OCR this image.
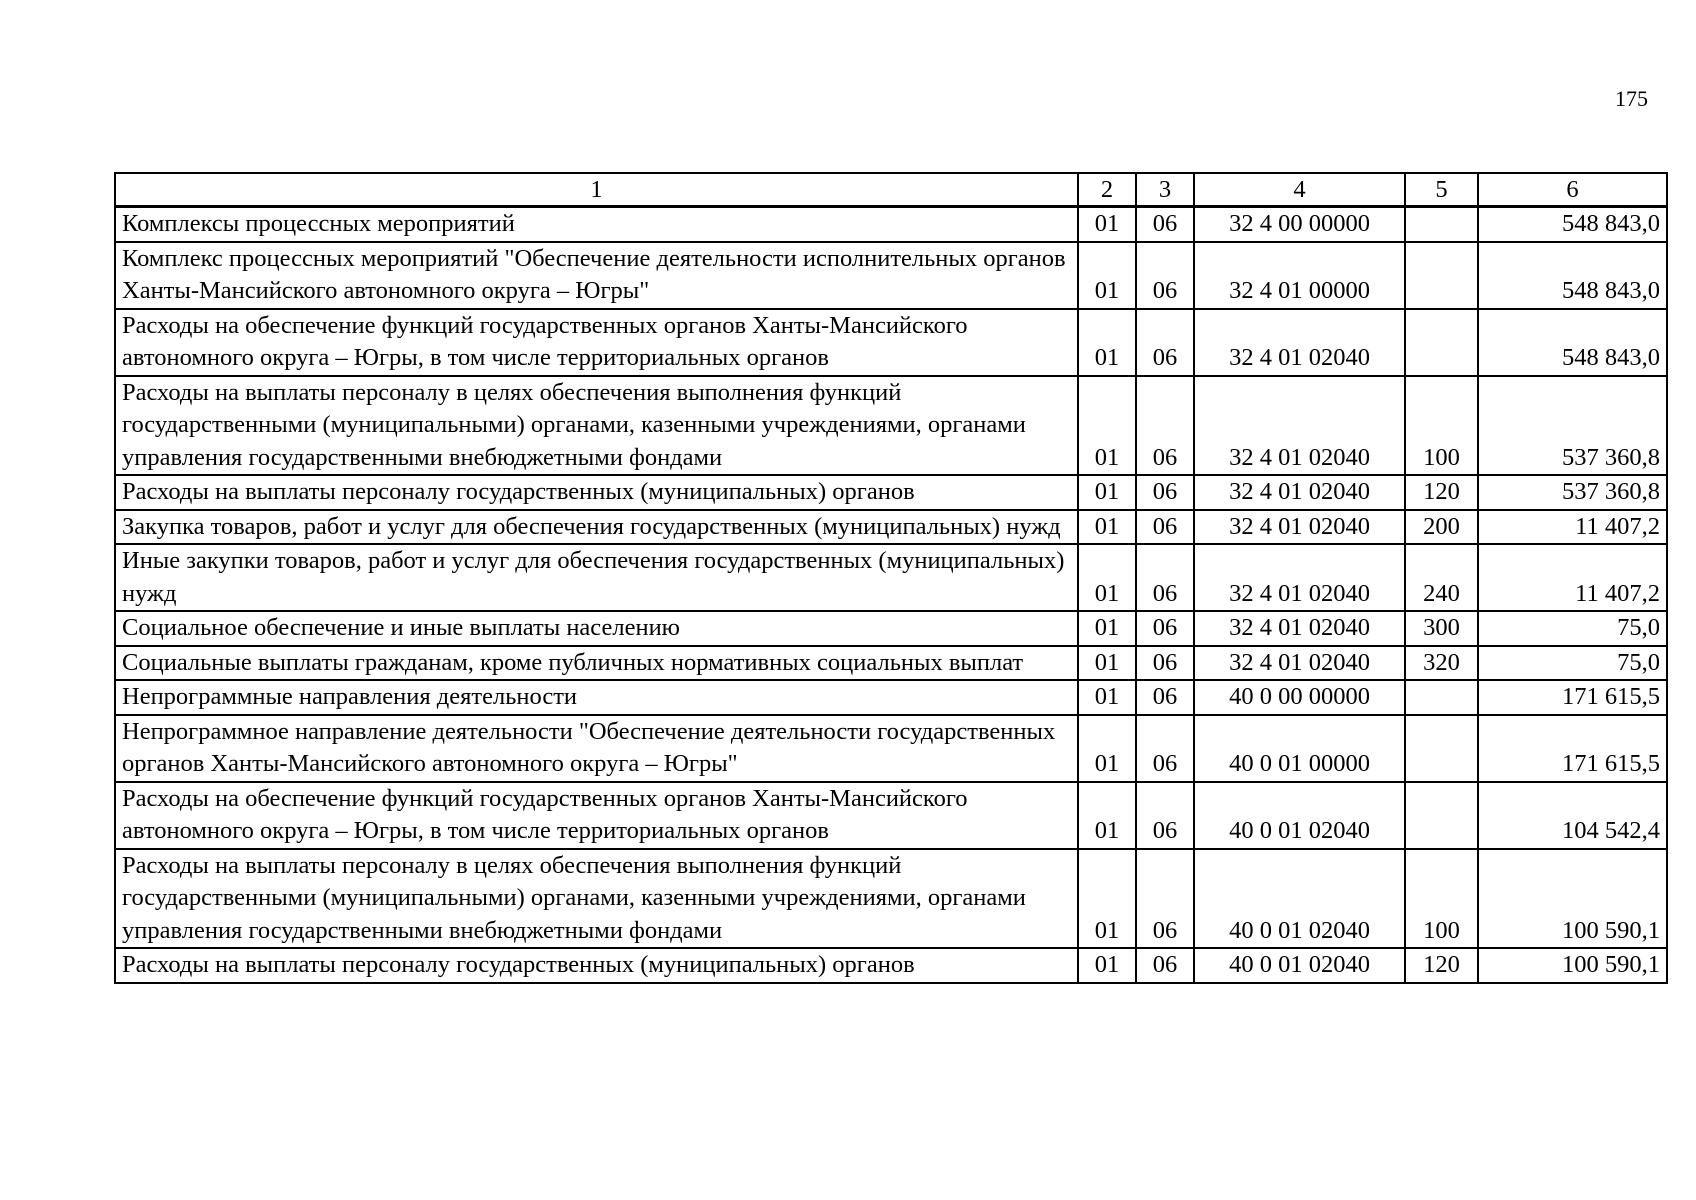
175
1	2	3	4	5	6
Комплексы процессных мероприятий	01	06	32 4 00 00000		548 843,0
Комплекс процессных мероприятий "Обеспечение деятельности исполнительных органов Ханты-Мансийского автономного округа – Югры"	01	06	32 4 01 00000		548 843,0
Расходы на обеспечение функций государственных органов Ханты-Мансийского автономного округа – Югры, в том числе территориальных органов	01	06	32 4 01 02040		548 843,0
Расходы на выплаты персоналу в целях обеспечения выполнения функций государственными (муниципальными) органами, казенными учреждениями, органами управления государственными внебюджетными фондами	01	06	32 4 01 02040	100	537 360,8
Расходы на выплаты персоналу государственных (муниципальных) органов	01	06	32 4 01 02040	120	537 360,8
Закупка товаров, работ и услуг для обеспечения государственных (муниципальных) нужд	01	06	32 4 01 02040	200	11 407,2
Иные закупки товаров, работ и услуг для обеспечения государственных (муниципальных) нужд	01	06	32 4 01 02040	240	11 407,2
Социальное обеспечение и иные выплаты населению	01	06	32 4 01 02040	300	75,0
Социальные выплаты гражданам, кроме публичных нормативных социальных выплат	01	06	32 4 01 02040	320	75,0
Непрограммные направления деятельности	01	06	40 0 00 00000		171 615,5
Непрограммное направление деятельности "Обеспечение деятельности государственных органов Ханты-Мансийского автономного округа – Югры"	01	06	40 0 01 00000		171 615,5
Расходы на обеспечение функций государственных органов Ханты-Мансийского автономного округа – Югры, в том числе территориальных органов	01	06	40 0 01 02040		104 542,4
Расходы на выплаты персоналу в целях обеспечения выполнения функций государственными (муниципальными) органами, казенными учреждениями, органами управления государственными внебюджетными фондами	01	06	40 0 01 02040	100	100 590,1
Расходы на выплаты персоналу государственных (муниципальных) органов	01	06	40 0 01 02040	120	100 590,1
